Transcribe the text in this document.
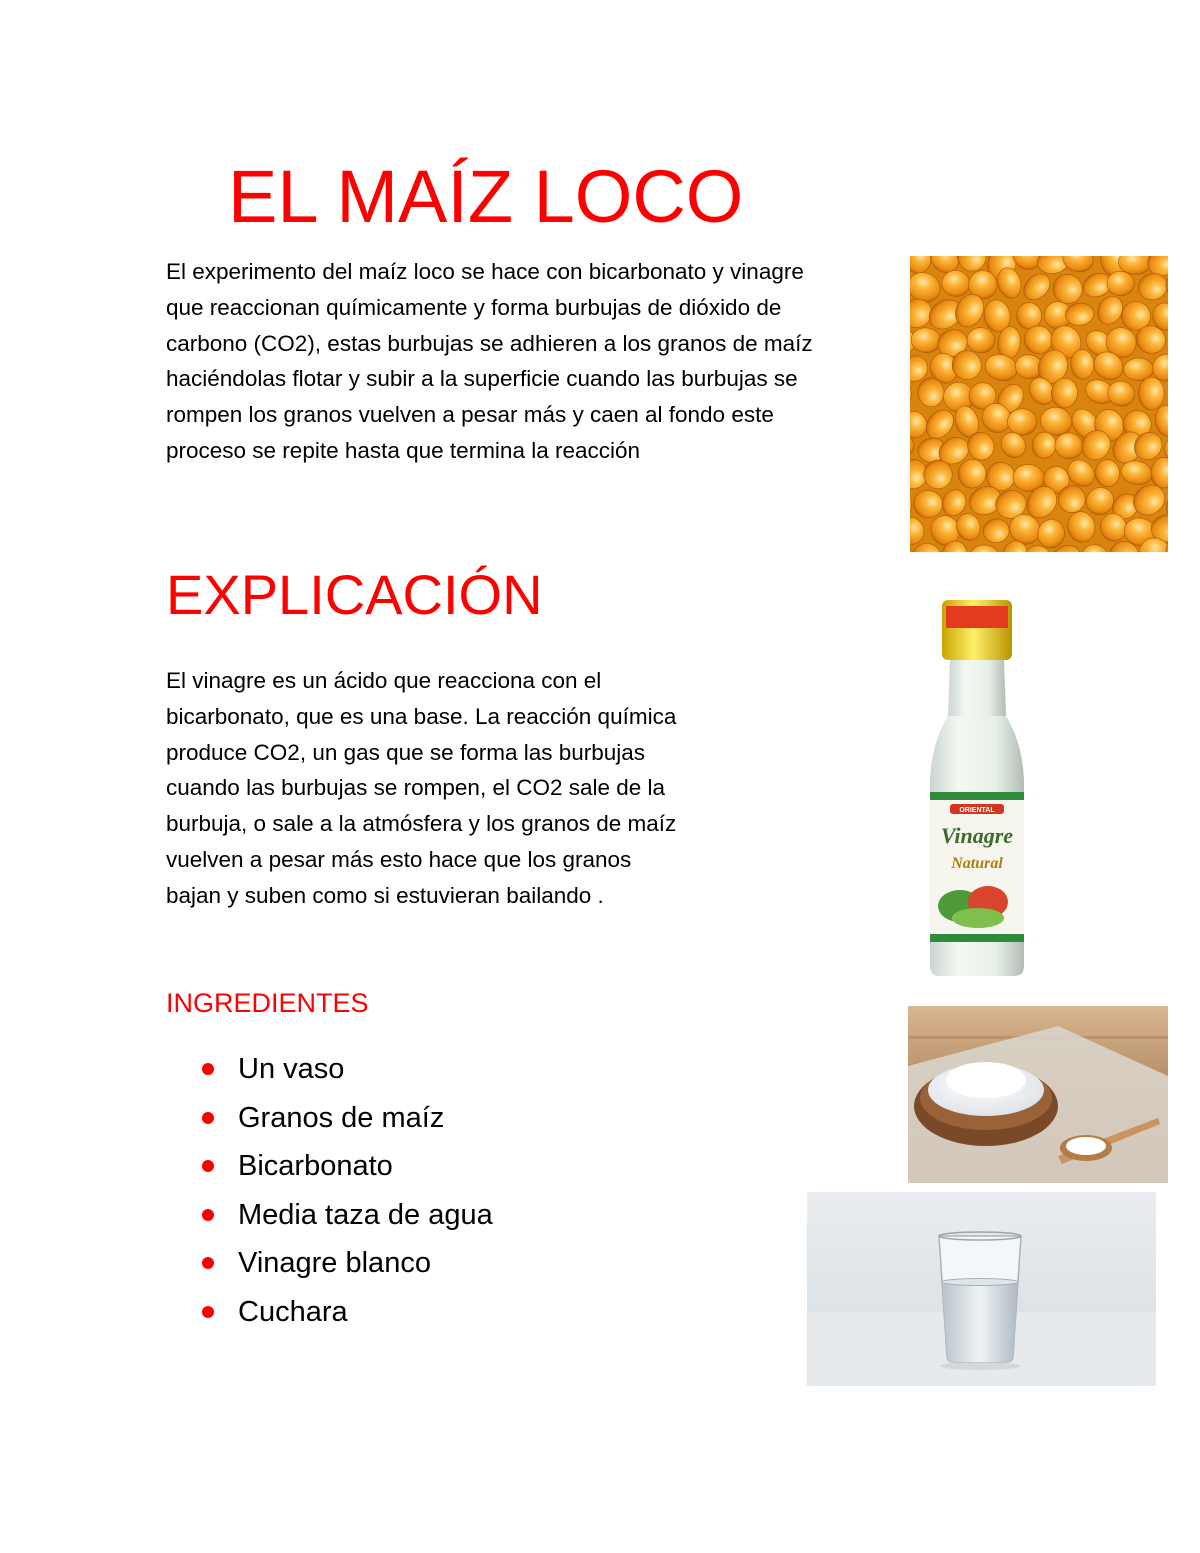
EL MAÍZ LOCO

El experimento del maíz loco se hace con bicarbonato y vinagre

que reaccionan químicamente y forma burbujas de dióxido de

carbono (CO2), estas burbujas se adhieren a los granos de maíz

haciéndolas flotar y subir a la superficie cuando las burbujas se

rompen los granos vuelven a pesar más y caen al fondo este

proceso se repite hasta que termina la reacción

EXPLICACIÓN

El vinagre es un ácido que reacciona con el

bicarbonato, que es una base. La reacción química

produce CO2, un gas que se forma las burbujas

cuando las burbujas se rompen, el CO2 sale de la

burbuja, o sale a la atmósfera y los granos de maíz

vuelven a pesar más esto hace que los granos

bajan y suben como si estuvieran bailando .

ORIENTAL
Vinagre
Natural
INGREDIENTES
Un vaso
Granos de maíz
Bicarbonato
Media taza de agua
Vinagre blanco
Cuchara
